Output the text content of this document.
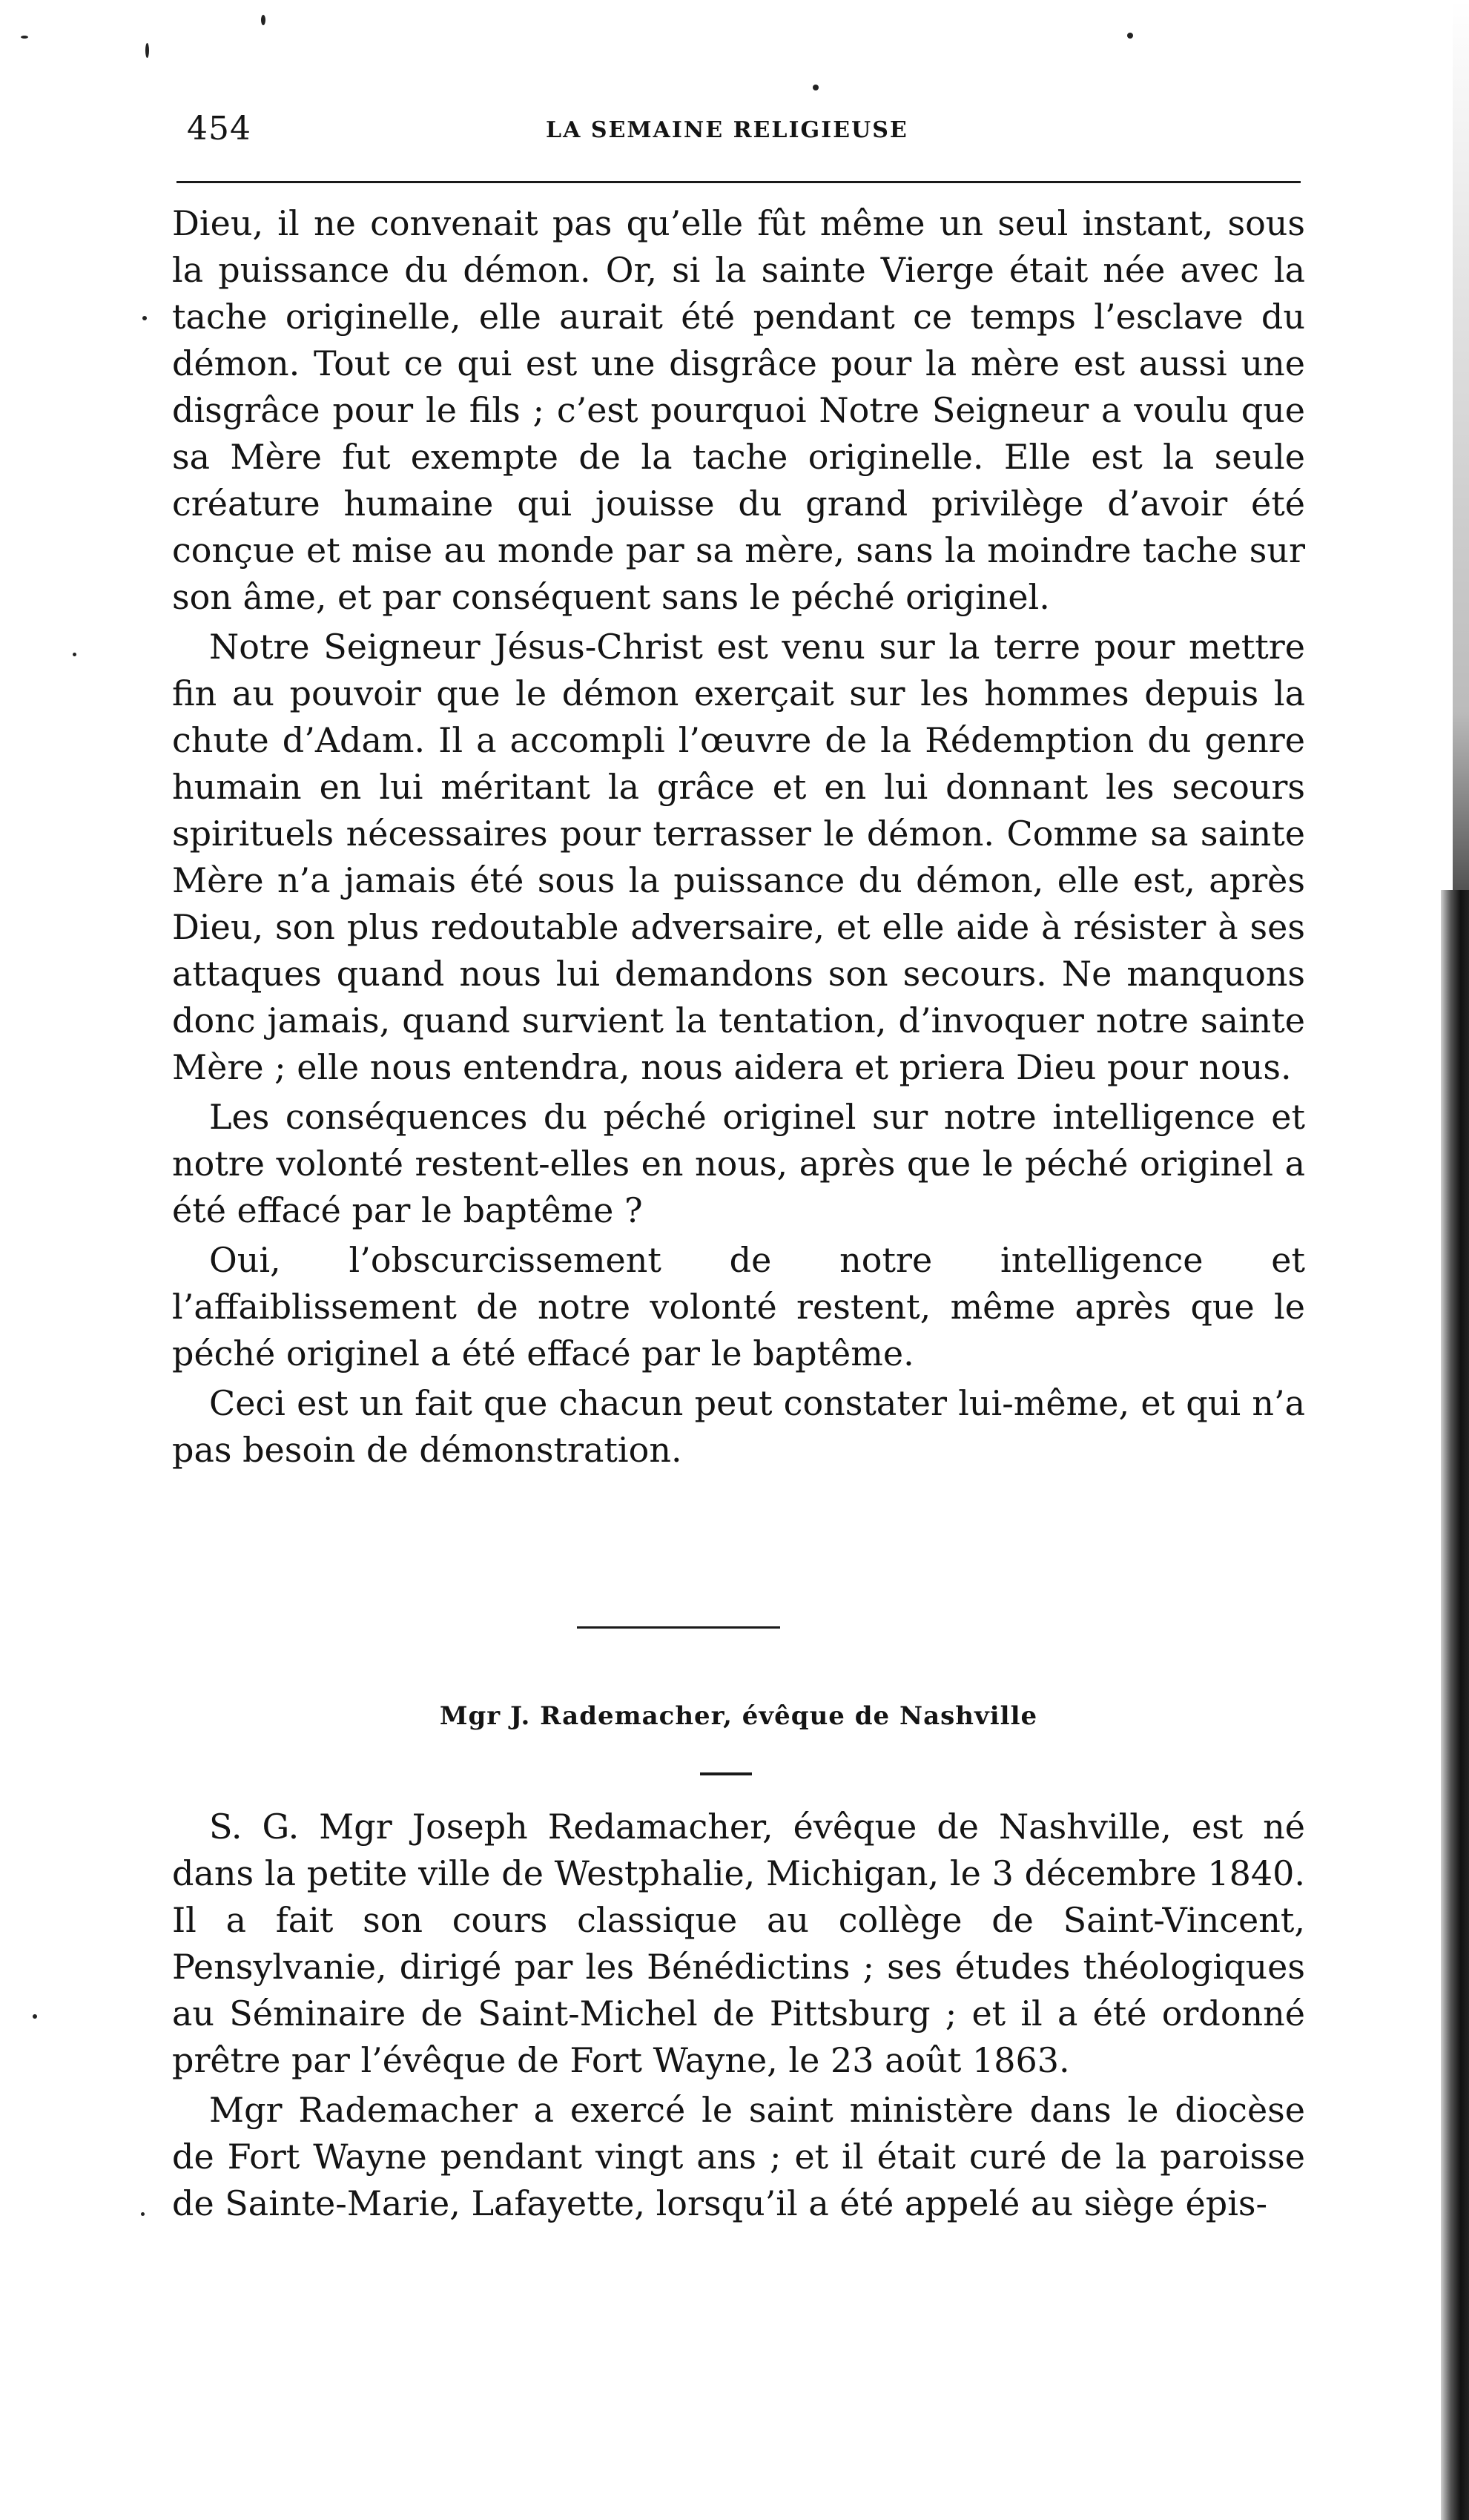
454	LA SEMAINE RELIGIEUSE

Dieu, il ne convenait pas qu’elle fût même un seul instant, sous la puissance du démon. Or, si la sainte Vierge était née avec la tache originelle, elle aurait été pendant ce temps l’esclave du démon. Tout ce qui est une disgrâce pour la mère est aussi une disgrâce pour le fils ; c’est pourquoi Notre Seigneur a voulu que sa Mère fut exempte de la tache originelle. Elle est la seule créature humaine qui jouisse du grand privilège d’avoir été conçue et mise au monde par sa mère, sans la moindre tache sur son âme, et par conséquent sans le péché originel.

Notre Seigneur Jésus-Christ est venu sur la terre pour mettre fin au pouvoir que le démon exerçait sur les hommes depuis la chute d’Adam. Il a accompli l’œuvre de la Rédemption du genre humain en lui méritant la grâce et en lui donnant les secours spirituels nécessaires pour terrasser le démon. Comme sa sainte Mère n’a jamais été sous la puissance du démon, elle est, après Dieu, son plus redoutable adversaire, et elle aide à résister à ses attaques quand nous lui demandons son secours. Ne manquons donc jamais, quand survient la tentation, d’invoquer notre sainte Mère ; elle nous entendra, nous aidera et priera Dieu pour nous.

Les conséquences du péché originel sur notre intelligence et notre volonté restent-elles en nous, après que le péché originel a été effacé par le baptême ?

Oui, l’obscurcissement de notre intelligence et l’affaiblissement de notre volonté restent, même après que le péché originel a été effacé par le baptême.

Ceci est un fait que chacun peut constater lui-même, et qui n’a pas besoin de démonstration.

Mgr J. Rademacher, évêque de Nashville

S. G. Mgr Joseph Redamacher, évêque de Nashville, est né dans la petite ville de Westphalie, Michigan, le 3 décembre 1840. Il a fait son cours classique au collège de Saint-Vincent, Pensylvanie, dirigé par les Bénédictins ; ses études théologiques au Séminaire de Saint-Michel de Pittsburg ; et il a été ordonné prêtre par l’évêque de Fort Wayne, le 23 août 1863.

Mgr Rademacher a exercé le saint ministère dans le diocèse de Fort Wayne pendant vingt ans ; et il était curé de la paroisse de Sainte-Marie, Lafayette, lorsqu’il a été appelé au siège épis-
